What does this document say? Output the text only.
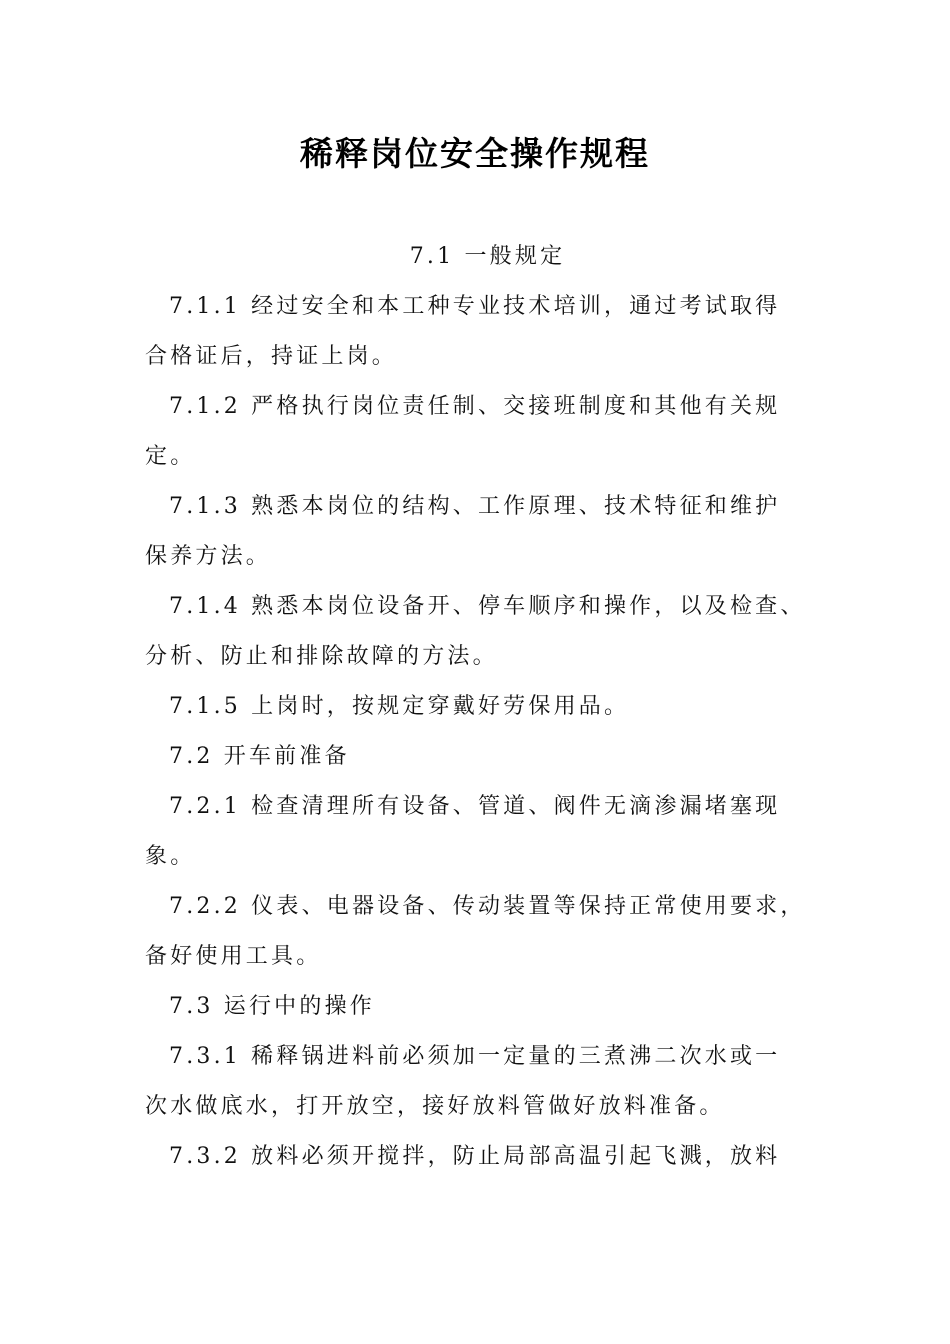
稀释岗位安全操作规程
7.1 一般规定
7.1.1 经过安全和本工种专业技术培训，通过考试取得
合格证后，持证上岗。
7.1.2 严格执行岗位责任制、交接班制度和其他有关规
定。
7.1.3 熟悉本岗位的结构、工作原理、技术特征和维护
保养方法。
7.1.4 熟悉本岗位设备开、停车顺序和操作，以及检查、
分析、防止和排除故障的方法。
7.1.5 上岗时，按规定穿戴好劳保用品。
7.2 开车前准备
7.2.1 检查清理所有设备、管道、阀件无滴渗漏堵塞现
象。
7.2.2 仪表、电器设备、传动装置等保持正常使用要求，
备好使用工具。
7.3 运行中的操作
7.3.1 稀释锅进料前必须加一定量的三煮沸二次水或一
次水做底水，打开放空，接好放料管做好放料准备。
7.3.2 放料必须开搅拌，防止局部高温引起飞溅，放料
